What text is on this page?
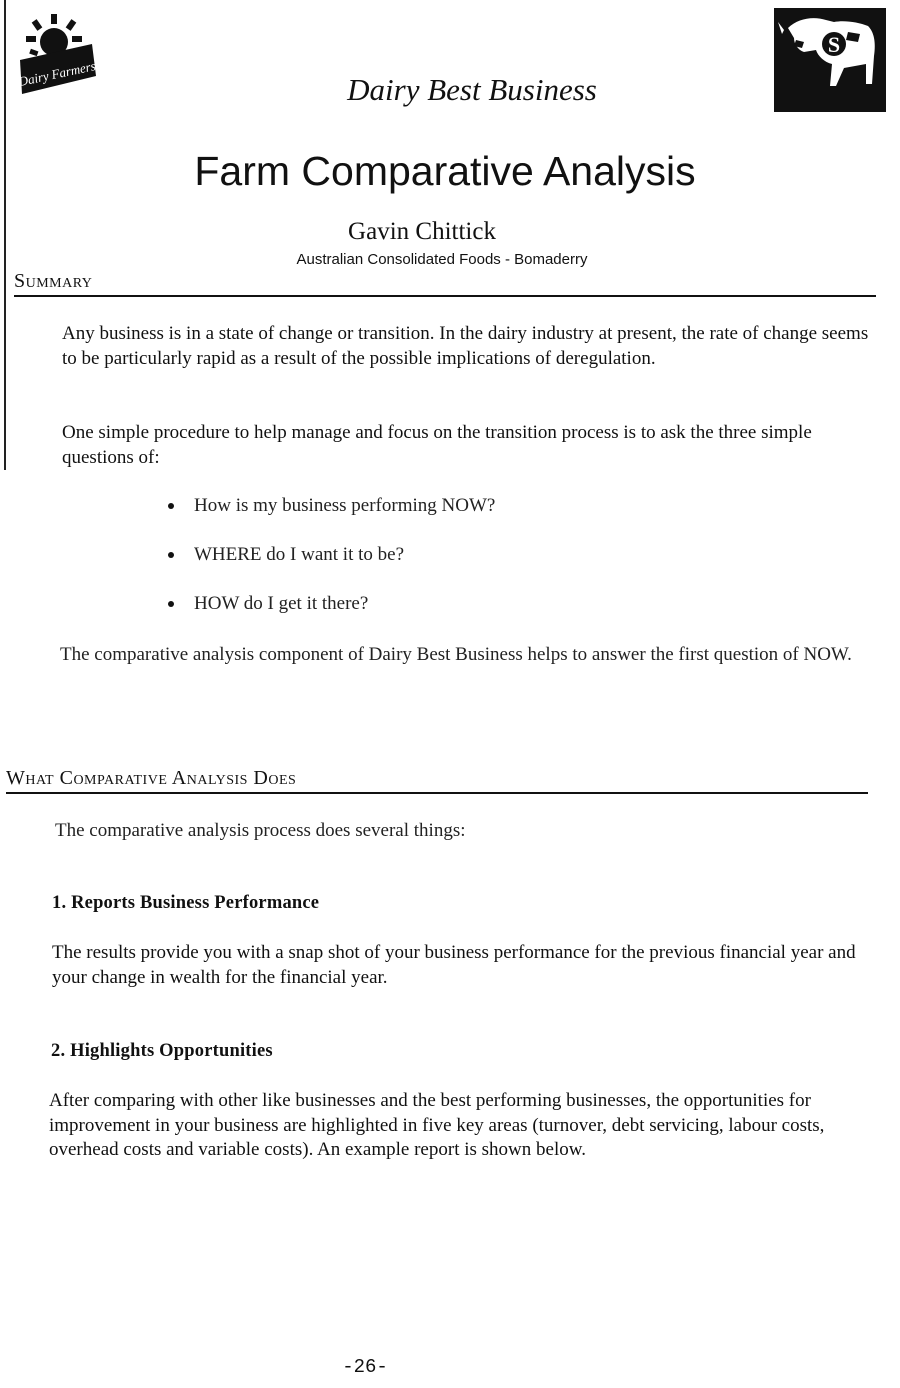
Dairy Farmers
S
Dairy Best Business
Farm Comparative Analysis
Gavin Chittick
Australian Consolidated Foods - Bomaderry
Summary
Any business is in a state of change or transition. In the dairy industry at present, the rate of change seems to be particularly rapid as a result of the possible implications of deregulation.
One simple procedure to help manage and focus on the transition process is to ask the three simple questions of:
How is my business performing NOW?
WHERE do I want it to be?
HOW do I get it there?
The comparative analysis component of Dairy Best Business helps to answer the first question of NOW.
What Comparative Analysis Does
The comparative analysis process does several things:
1. Reports Business Performance
The results provide you with a snap shot of your business performance for the previous financial year and your change in wealth for the financial year.
2. Highlights Opportunities
After comparing with other like businesses and the best performing businesses, the opportunities for improvement in your business are highlighted in five key areas (turnover, debt servicing, labour costs, overhead costs and variable costs). An example report is shown below.
-26-
